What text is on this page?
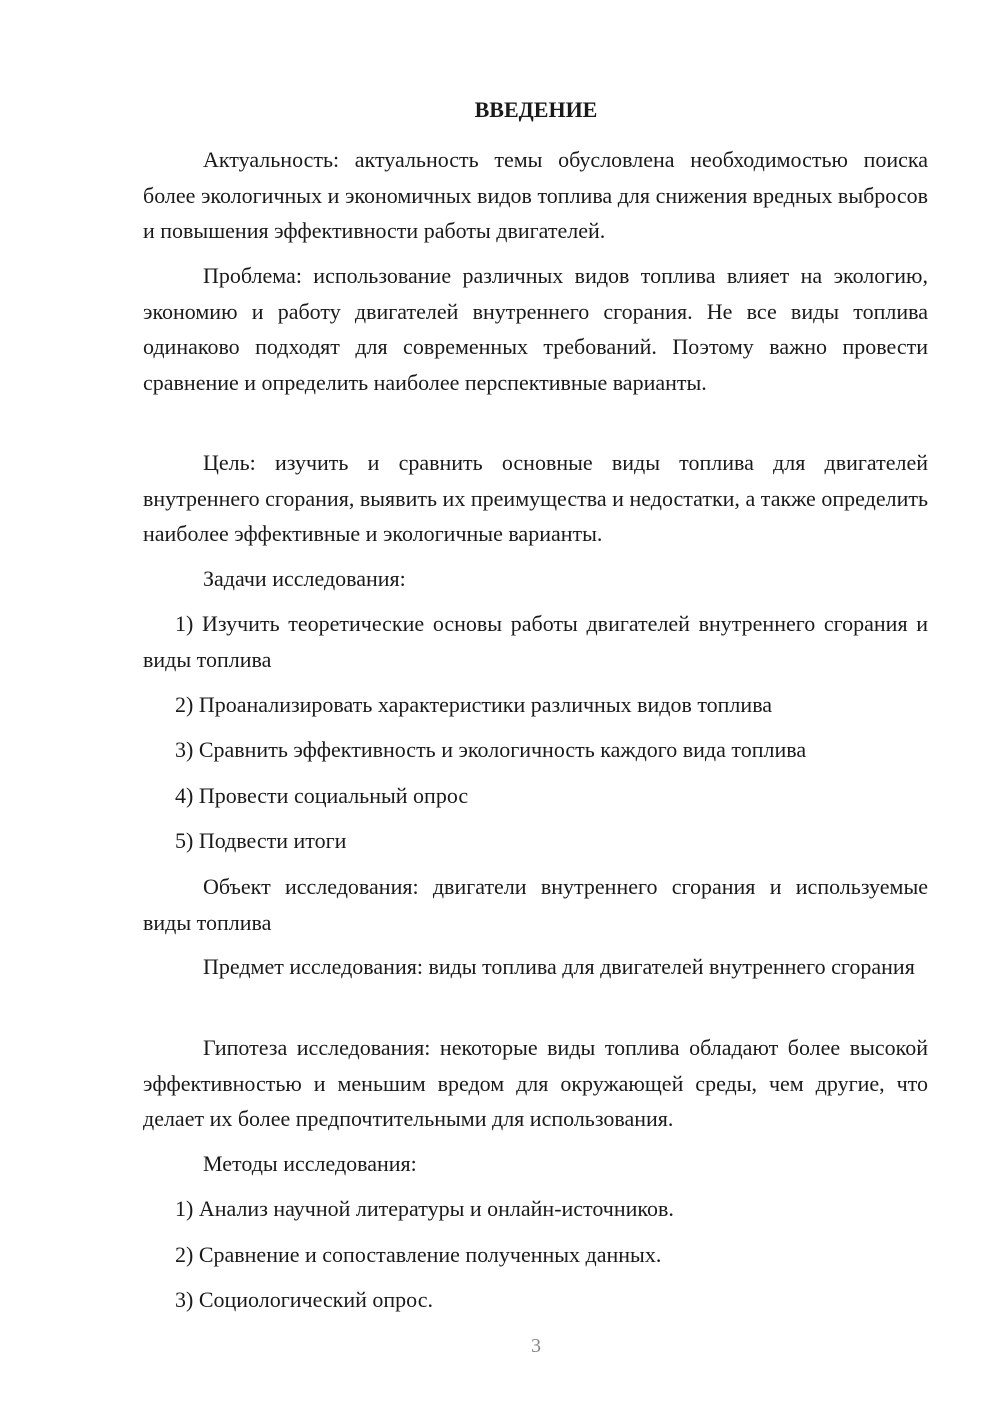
ВВЕДЕНИЕ

Актуальность: актуальность темы обусловлена необходимостью поиска более экологичных и экономичных видов топлива для снижения вредных выбросов и повышения эффективности работы двигателей.

Проблема: использование различных видов топлива влияет на экологию, экономию и работу двигателей внутреннего сгорания. Не все виды топлива одинаково подходят для современных требований. Поэтому важно провести сравнение и определить наиболее перспективные варианты.

Цель: изучить и сравнить основные виды топлива для двигателей внутреннего сгорания, выявить их преимущества и недостатки, а также определить наиболее эффективные и экологичные варианты.

Задачи исследования:

1) Изучить теоретические основы работы двигателей внутреннего сгорания и виды топлива

2) Проанализировать характеристики различных видов топлива

3) Сравнить эффективность и экологичность каждого вида топлива

4) Провести социальный опрос

5) Подвести итоги

Объект исследования: двигатели внутреннего сгорания и используемые виды топлива

Предмет исследования: виды топлива для двигателей внутреннего сгорания

Гипотеза исследования: некоторые виды топлива обладают более высокой эффективностью и меньшим вредом для окружающей среды, чем другие, что делает их более предпочтительными для использования.

Методы исследования:

1) Анализ научной литературы и онлайн-источников.

2) Сравнение и сопоставление полученных данных.

3) Социологический опрос.

3
